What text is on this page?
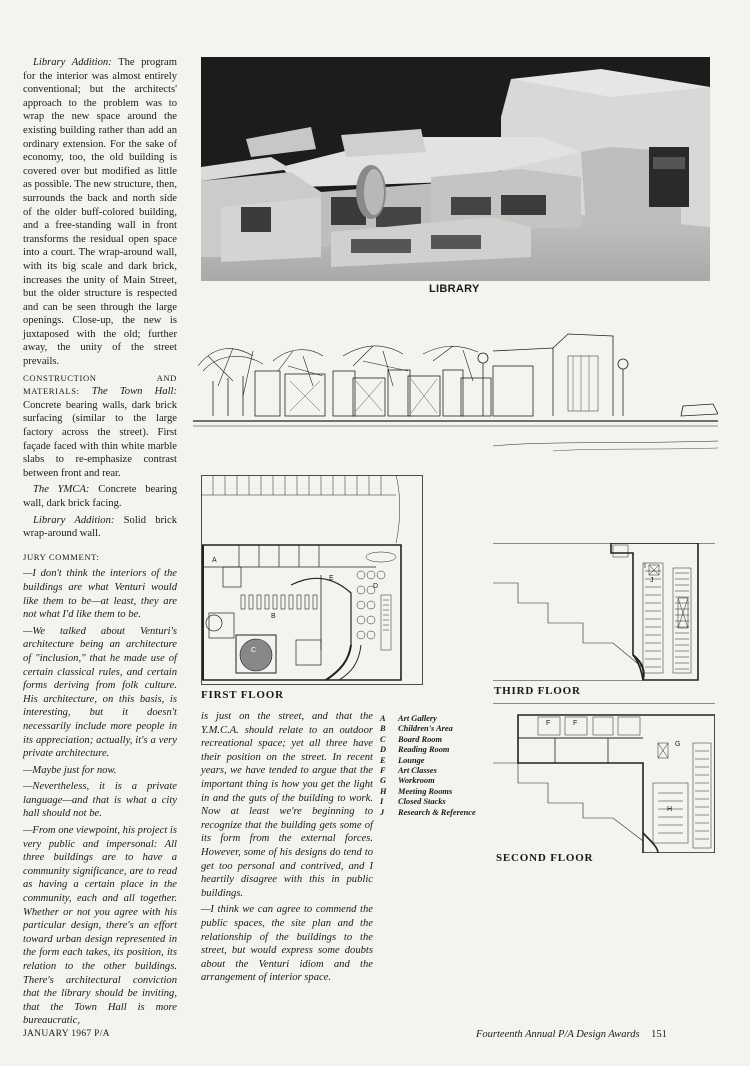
Library Addition: The program for the interior was almost entirely conventional; but the architects' approach to the problem was to wrap the new space around the existing building rather than add an ordinary extension. For the sake of economy, too, the old building is covered over but modified as little as possible. The new structure, then, surrounds the back and north side of the older buff-colored building, and a free-standing wall in front transforms the residual open space into a court. The wrap-around wall, with its big scale and dark brick, increases the unity of Main Street, but the older structure is respected and can be seen through the large openings. Close-up, the new is juxtaposed with the old; further away, the unity of the street prevails.

CONSTRUCTION AND MATERIALS: The Town Hall: Concrete bearing walls, dark brick surfacing (similar to the large factory across the street). First façade faced with thin white marble slabs to re-emphasize contrast between front and rear.

The YMCA: Concrete bearing wall, dark brick facing.

Library Addition: Solid brick wrap-around wall.

JURY COMMENT:

—I don't think the interiors of the buildings are what Venturi would like them to be—at least, they are not what I'd like them to be.

—We talked about Venturi's architecture being an architecture of "inclusion," that he made use of certain classical rules, and certain forms deriving from folk culture. His architecture, on this basis, is interesting, but it doesn't necessarily include more people in its appreciation; actually, it's a very private architecture.

—Maybe just for now.

—Nevertheless, it is a private language—and that is what a city hall should not be.

—From one viewpoint, his project is very public and impersonal: All three buildings are to have a community significance, are to read as having a certain place in the community, each and all together. Whether or not you agree with his particular design, there's an effort toward urban design represented in the form each takes, its position, its relation to the other buildings. There's architectural conviction that the library should be inviting, that the Town Hall is more bureaucratic,

LIBRARY
A
B
C
D
E
FIRST FLOOR
I
J
THIRD FLOOR
F	F
G
H
SECOND FLOOR

is just on the street, and that the Y.M.C.A. should relate to an outdoor recreational space; yet all three have their position on the street. In recent years, we have tended to argue that the important thing is how you get the light in and the guts of the building to work. Now at least we're beginning to recognize that the building gets some of its form from the external forces. However, some of his designs do tend to get too personal and contrived, and I heartily disagree with this in public buildings.

—I think we can agree to commend the public spaces, the site plan and the relationship of the buildings to the street, but would express some doubts about the Venturi idiom and the arrangement of interior space.

A	Art Gallery
B	Children's Area
C	Board Room
D	Reading Room
E	Lounge
F	Art Classes
G	Workroom
H	Meeting Rooms
I	Closed Stacks
J	Research & Reference
JANUARY 1967 P/A	Fourteenth Annual P/A Design Awards 151
